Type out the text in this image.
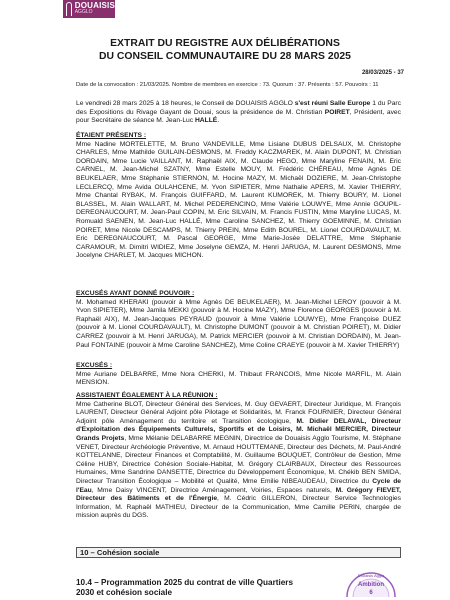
DOUAISIS
AGGLO
EXTRAIT DU REGISTRE AUX DÉLIBÉRATIONS
DU CONSEIL COMMUNAUTAIRE DU 28 MARS 2025
28/03/2025 - 37
Date de la convocation : 21/03/2025. Nombre de membres en exercice : 73. Quorum : 37. Présents : 57. Pouvoirs : 11
Le vendredi 28 mars 2025 à 18 heures, le Conseil de DOUAISIS AGGLO s'est réuni Salle Europe 1 du Parc des Expositions du Rivage Gayant de Douai, sous la présidence de M. Christian POIRET, Président, avec pour Secrétaire de séance M. Jean-Luc HALLÉ.
ÉTAIENT PRÉSENTS :
Mme Nadine MORTELETTE, M. Bruno VANDEVILLE, Mme Lisiane DUBUS DELSAUX, M. Christophe CHARLES, Mme Mathilde GUILAIN-DESMONS, M. Freddy KACZMAREK, M. Alain DUPONT, M. Christian DORDAIN, Mme Lucie VAILLANT, M. Raphaël AIX, M. Claude HEGO, Mme Maryline FENAIN, M. Eric CARNEL, M. Jean-Michel SZATNY, Mme Estelle MOUY, M. Frédéric CHÉREAU, Mme Agnès DE BEUKELAER, Mme Stéphanie STIERNON, M. Hocine MAZY, M. Michaël DOZIERE, M. Jean-Christophe LECLERCQ, Mme Avida OULAHCENE, M. Yvon SIPIETER, Mme Nathalie APERS, M. Xavier THIERRY, Mme Chantal RYBAK, M. François GUIFFARD, M. Laurent KUMOREK, M. Thierry BOURY, M. Lionel BLASSEL, M. Alain WALLART, M. Michel PEDERENCINO, Mme Valérie LOUWYE, Mme Annie GOUPIL-DEREGNAUCOURT, M. Jean-Paul COPIN, M. Eric SILVAIN, M. Francis FUSTIN, Mme Maryline LUCAS, M. Romuald SAENEN, M. Jean-Luc HALLÉ, Mme Caroline SANCHEZ, M. Thierry GOEMINNE, M. Christian POIRET, Mme Nicole DESCAMPS, M. Thierry PREIN, Mme Edith BOUREL, M. Lionel COURDAVAULT, M. Eric DEREGNAUCOURT, M. Pascal GEORGE, Mme Marie-Josée DELATTRE, Mme Stéphanie CARAMOUR, M. Dimitri WIDIEZ, Mme Joselyne GEMZA, M. Henri JARUGA, M. Laurent DESMONS, Mme Jocelyne CHARLET, M. Jacques MICHON.
EXCUSÉS AYANT DONNÉ POUVOIR :
M. Mohamed KHERAKI (pouvoir à Mme Agnès DE BEUKELAER), M. Jean-Michel LEROY (pouvoir à M. Yvon SIPIETER), Mme Jamila MEKKI (pouvoir à M. Hocine MAZY), Mme Florence GEORGES (pouvoir à M. Raphaël AIX), M. Jean-Jacques PEYRAUD (pouvoir à Mme Valérie LOUWYE), Mme Françoise DUEZ (pouvoir à M. Lionel COURDAVAULT), M. Christophe DUMONT (pouvoir à M. Christian POIRET), M. Didier CARREZ (pouvoir à M. Henri JARUGA), M. Patrick MERCIER (pouvoir à M. Christian DORDAIN), M. Jean-Paul FONTAINE (pouvoir à Mme Caroline SANCHEZ), Mme Coline CRAEYE (pouvoir à M. Xavier THIERRY)
EXCUSÉS :
Mme Auriane DELBARRE, Mme Nora CHERKI, M. Thibaut FRANCOIS, Mme Nicole MARFIL, M. Alain MENSION.
ASSISTAIENT ÉGALEMENT À LA RÉUNION :
Mme Catherine BLOT, Directeur Général des Services, M. Guy GEVAERT, Directeur Juridique, M. François LAURENT, Directeur Général Adjoint pôle Pilotage et Solidarités, M. Franck FOURNIER, Directeur Général Adjoint pôle Aménagement du territoire et Transition écologique, M. Didier DELAVAL, Directeur d'Exploitation des Équipements Culturels, Sportifs et de Loisirs, M. Michaël MERCIER, Directeur Grands Projets, Mme Mélanie DELABARRE MEGNIN, Directrice de Douaisis Agglo Tourisme, M. Stéphane VENET, Directeur Archéologie Préventive, M. Arnaud HOUTTEMANE, Directeur des Déchets, M. Paul-André KOTTELANNE, Directeur Finances et Comptabilité, M. Guillaume BOUQUET, Contrôleur de Gestion, Mme Céline HUBY, Directrice Cohésion Sociale-Habitat, M. Grégory CLAIRBAUX, Directeur des Ressources Humaines, Mme Sandrine DANSETTE, Directrice du Développement Économique, M. Chékib BEN SMIDA, Directeur Transition Écologique – Mobilité et Qualité, Mme Emilie NIBEAUDEAU, Directrice du Cycle de l'Eau, Mme Daisy VINCENT, Directrice Aménagement, Voiries, Espaces naturels, M. Grégory FIEVET, Directeur des Bâtiments et de l'Énergie, M. Cédric GILLERON, Directeur Service Technologies Information, M. Raphaël MATHIEU, Directeur de la Communication, Mme Camille PERIN, chargée de mission auprès du DGS.
10 – Cohésion sociale
10.4 – Programmation 2025 du contrat de ville Quartiers 2030 et cohésion sociale
Douaisis Agglo
Ambition
6
